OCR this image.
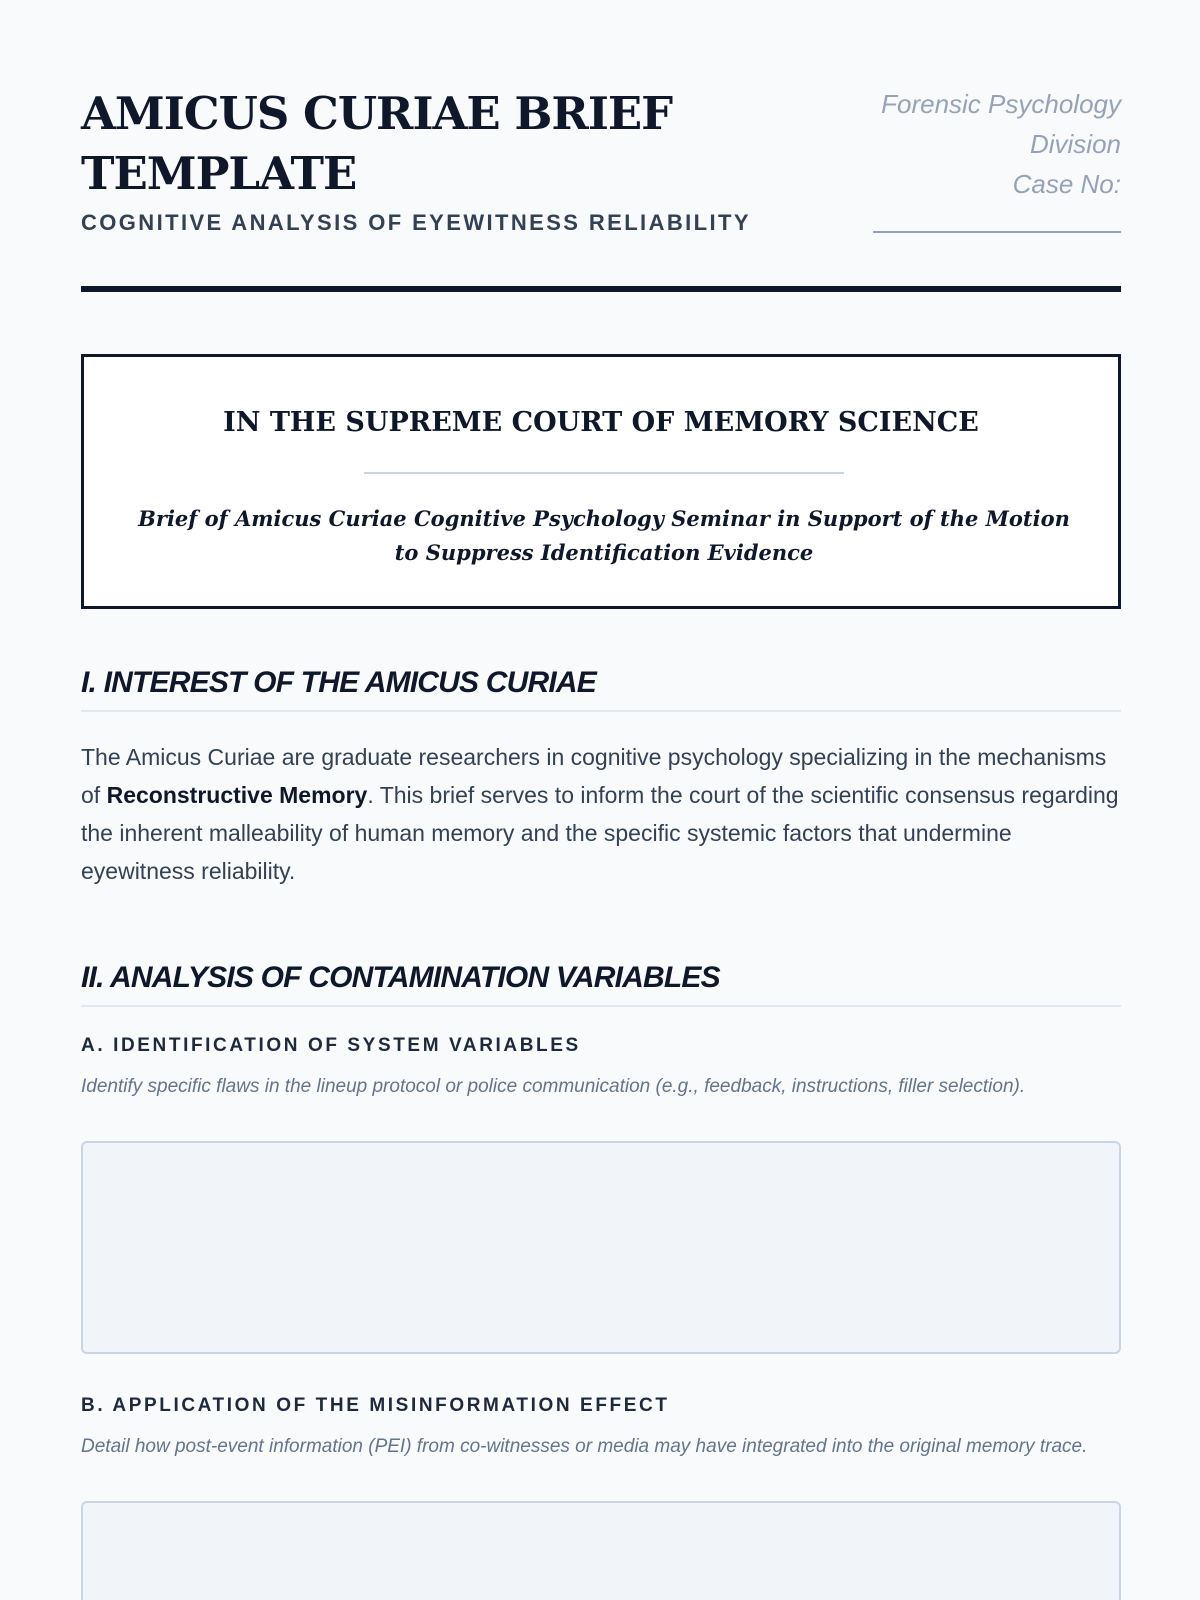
AMICUS CURIAE BRIEF TEMPLATE
COGNITIVE ANALYSIS OF EYEWITNESS RELIABILITY
Forensic Psychology
Division
Case No:
IN THE SUPREME COURT OF MEMORY SCIENCE
Brief of Amicus Curiae Cognitive Psychology Seminar in Support of the Motion to Suppress Identification Evidence
I. INTEREST OF THE AMICUS CURIAE

The Amicus Curiae are graduate researchers in cognitive psychology specializing in the mechanisms of Reconstructive Memory. This brief serves to inform the court of the scientific consensus regarding the inherent malleability of human memory and the specific systemic factors that undermine eyewitness reliability.

II. ANALYSIS OF CONTAMINATION VARIABLES
A. IDENTIFICATION OF SYSTEM VARIABLES
Identify specific flaws in the lineup protocol or police communication (e.g., feedback, instructions, filler selection).
B. APPLICATION OF THE MISINFORMATION EFFECT
Detail how post-event information (PEI) from co-witnesses or media may have integrated into the original memory trace.
